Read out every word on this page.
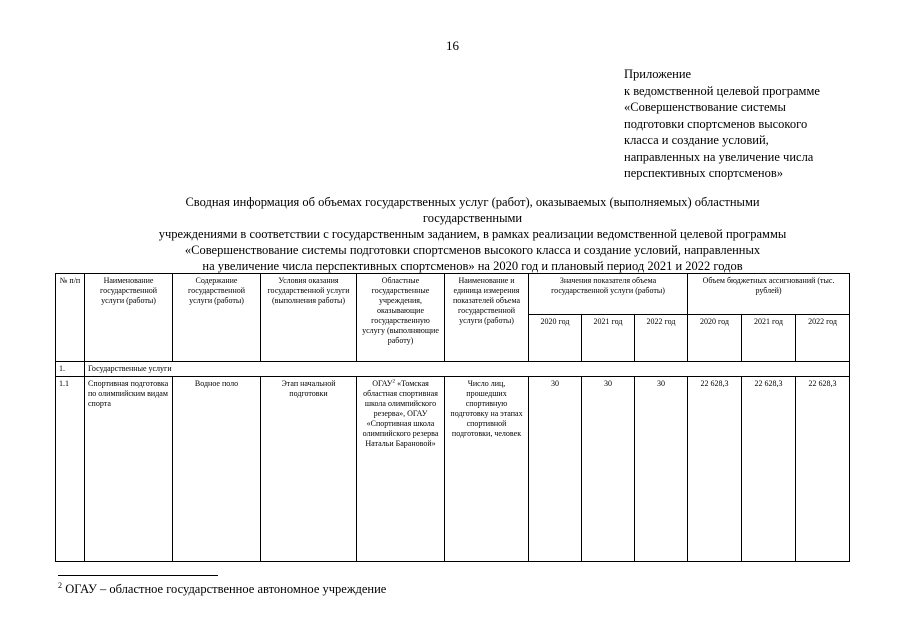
16
Приложение
к ведомственной целевой программе
«Совершенствование системы
подготовки спортсменов высокого
класса и создание условий,
направленных на увеличение числа
перспективных спортсменов»
Сводная информация об объемах государственных услуг (работ), оказываемых (выполняемых) областными
государственными
учреждениями в соответствии с государственным заданием, в рамках реализации ведомственной целевой программы
«Совершенствование системы подготовки спортсменов высокого класса и создание условий, направленных
на увеличение числа перспективных спортсменов» на 2020 год и плановый период 2021 и 2022 годов
№ п/п	Наименование государственной услуги (работы)	Содержание государственной услуги (работы)	Условия оказания государственной услуги (выполнения работы)	Областные государственные учреждения, оказывающие государственную услугу (выполняющие работу)	Наименование и единица измерения показателей объема государственной услуги (работы)	Значения показателя объема государственной услуги (работы)			Объем бюджетных ассигнований (тыс. рублей)		
						2020 год	2021 год	2022 год	2020 год	2021 год	2022 год
1.	Государственные услуги										
1.1	Спортивная подготовка по олимпийским видам спорта	Водное поло	Этап начальной подготовки	ОГАУ$^2$ «Томская областная спортивная школа олимпийского резерва», ОГАУ «Спортивная школа олимпийского резерва Натальи Барановой»	Число лиц, прошедших спортивную подготовку на этапах спортивной подготовки, человек	30	30	30	22 628,3	22 628,3	22 628,3
$^2$ ОГАУ – областное государственное автономное учреждение
